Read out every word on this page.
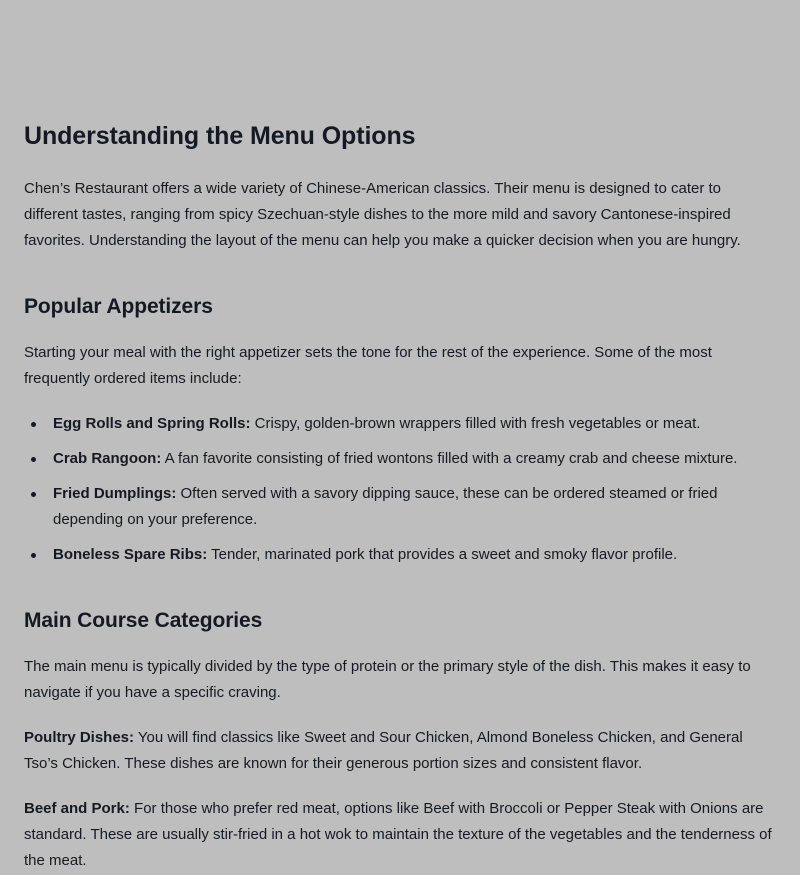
Understanding the Menu Options

Chen’s Restaurant offers a wide variety of Chinese-American classics. Their menu is designed to cater to different tastes, ranging from spicy Szechuan-style dishes to the more mild and savory Cantonese-inspired favorites. Understanding the layout of the menu can help you make a quicker decision when you are hungry.

Popular Appetizers

Starting your meal with the right appetizer sets the tone for the rest of the experience. Some of the most frequently ordered items include:

Egg Rolls and Spring Rolls: Crispy, golden-brown wrappers filled with fresh vegetables or meat.
Crab Rangoon: A fan favorite consisting of fried wontons filled with a creamy crab and cheese mixture.
Fried Dumplings: Often served with a savory dipping sauce, these can be ordered steamed or fried depending on your preference.
Boneless Spare Ribs: Tender, marinated pork that provides a sweet and smoky flavor profile.
Main Course Categories

The main menu is typically divided by the type of protein or the primary style of the dish. This makes it easy to navigate if you have a specific craving.

Poultry Dishes: You will find classics like Sweet and Sour Chicken, Almond Boneless Chicken, and General Tso’s Chicken. These dishes are known for their generous portion sizes and consistent flavor.

Beef and Pork: For those who prefer red meat, options like Beef with Broccoli or Pepper Steak with Onions are standard. These are usually stir-fried in a hot wok to maintain the texture of the vegetables and the tenderness of the meat.
